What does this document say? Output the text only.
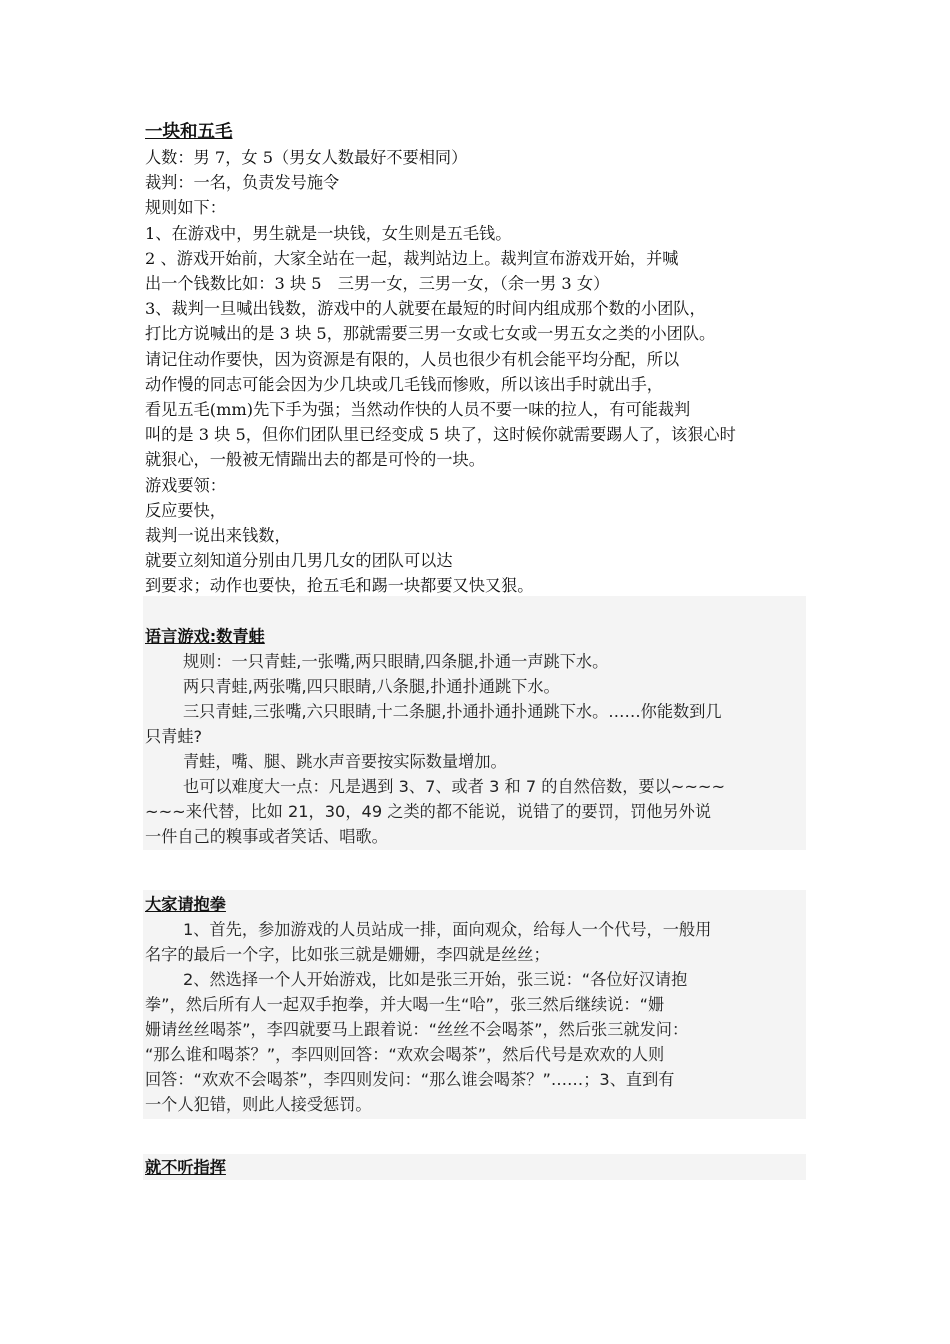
一块和五毛
人数：男 7，女 5（男女人数最好不要相同）
裁判：一名，负责发号施令
规则如下：
1、在游戏中，男生就是一块钱，女生则是五毛钱。
2 、游戏开始前，大家全站在一起，裁判站边上。裁判宣布游戏开始，并喊
出一个钱数比如：3 块 5　三男一女，三男一女，（余一男 3 女）
3、裁判一旦喊出钱数，游戏中的人就要在最短的时间内组成那个数的小团队，
打比方说喊出的是 3 块 5，那就需要三男一女或七女或一男五女之类的小团队。
请记住动作要快，因为资源是有限的，人员也很少有机会能平均分配，所以
动作慢的同志可能会因为少几块或几毛钱而惨败，所以该出手时就出手，
看见五毛(mm)先下手为强；当然动作快的人员不要一味的拉人，有可能裁判
叫的是 3 块 5，但你们团队里已经变成 5 块了，这时候你就需要踢人了，该狠心时
就狠心，一般被无情踹出去的都是可怜的一块。
游戏要领：
反应要快，
裁判一说出来钱数，
就要立刻知道分别由几男几女的团队可以达
到要求；动作也要快，抢五毛和踢一块都要又快又狠。
语言游戏:数青蛙
规则：一只青蛙,一张嘴,两只眼睛,四条腿,扑通一声跳下水。
两只青蛙,两张嘴,四只眼睛,八条腿,扑通扑通跳下水。
三只青蛙,三张嘴,六只眼睛,十二条腿,扑通扑通扑通跳下水。……你能数到几
只青蛙?
青蛙，嘴、腿、跳水声音要按实际数量增加。
也可以难度大一点：凡是遇到 3、7、或者 3 和 7 的自然倍数，要以~~~~
~~~来代替，比如 21，30，49 之类的都不能说，说错了的要罚，罚他另外说
一件自己的糗事或者笑话、唱歌。
大家请抱拳
1、首先，参加游戏的人员站成一排，面向观众，给每人一个代号，一般用
名字的最后一个字，比如张三就是姗姗，李四就是丝丝；
2、然选择一个人开始游戏，比如是张三开始，张三说：“各位好汉请抱
拳”，然后所有人一起双手抱拳，并大喝一生“哈”，张三然后继续说：“姗
姗请丝丝喝茶”，李四就要马上跟着说：“丝丝不会喝茶”，然后张三就发问：
“那么谁和喝茶？”，李四则回答：“欢欢会喝茶”，然后代号是欢欢的人则
回答：“欢欢不会喝茶”，李四则发问：“那么谁会喝茶？”……；3、直到有
一个人犯错，则此人接受惩罚。
就不听指挥
